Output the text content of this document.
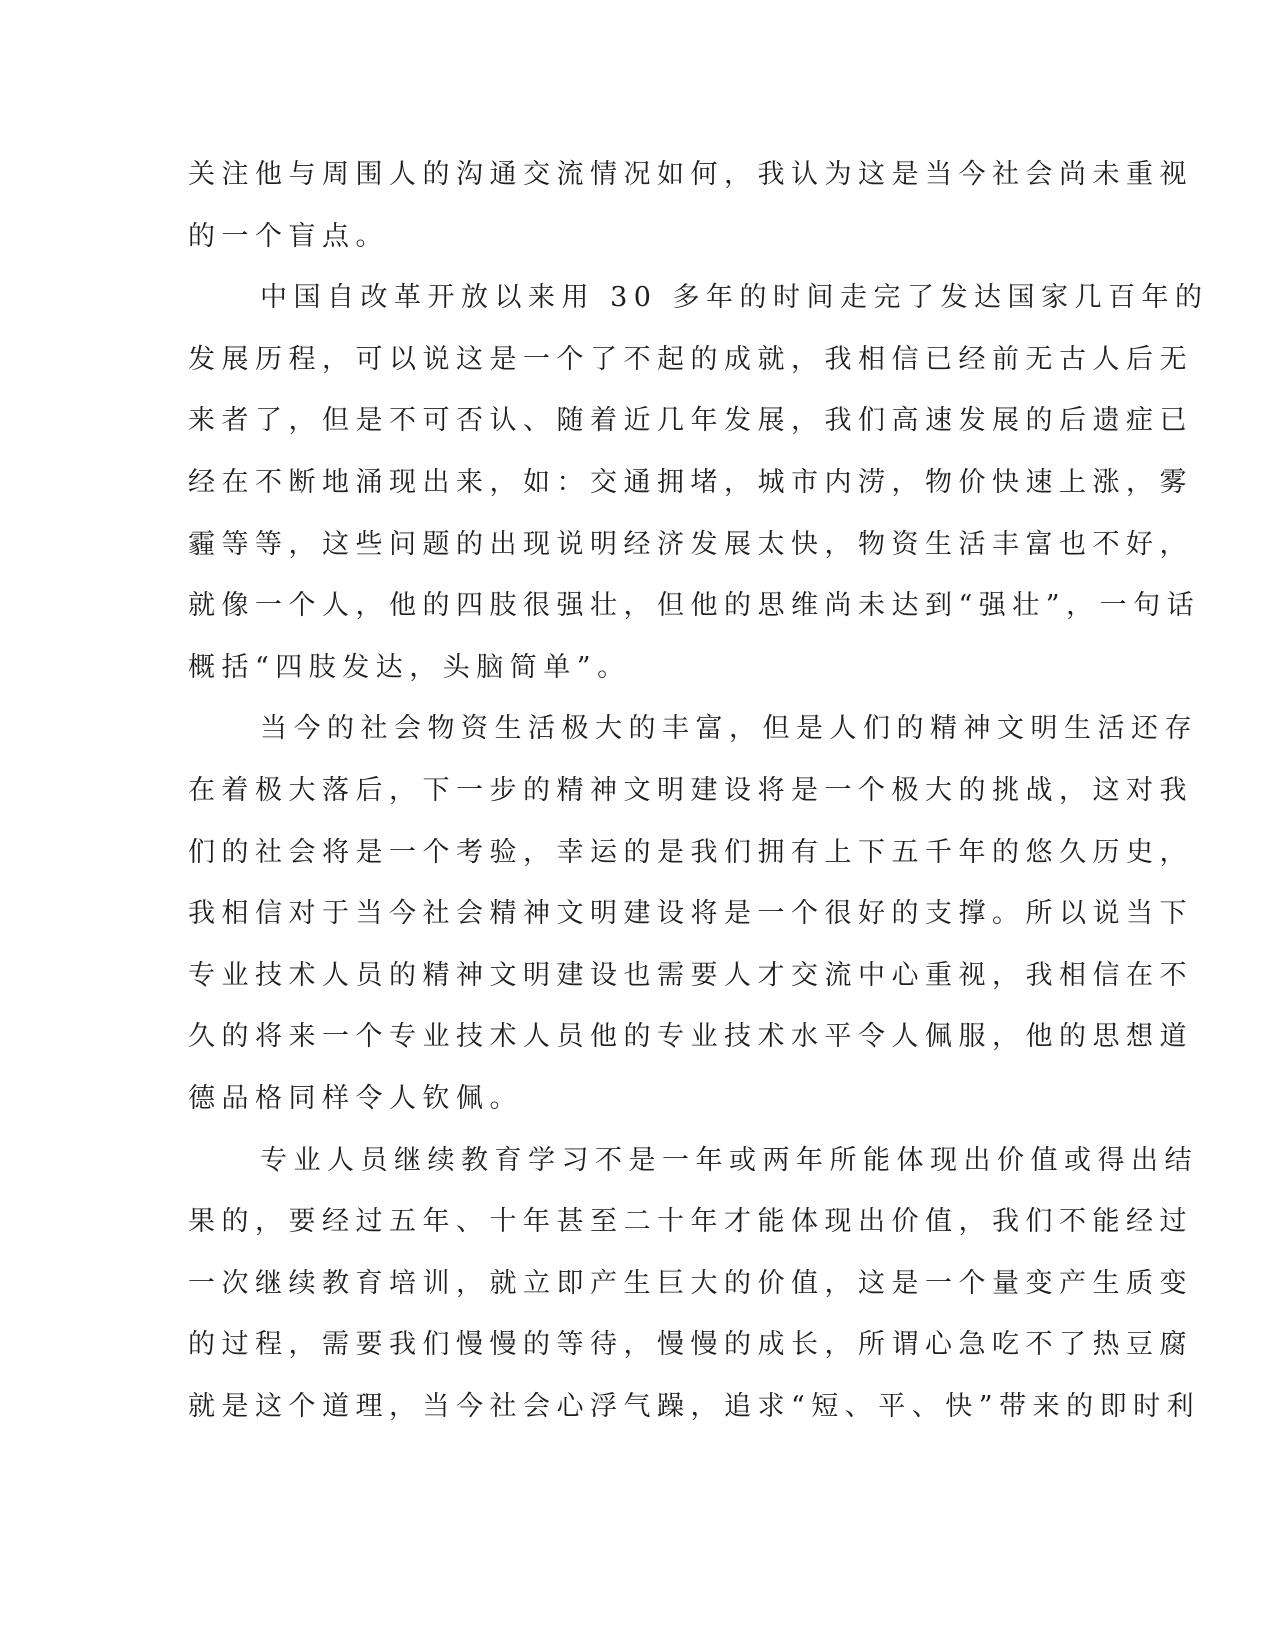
关注他与周围人的沟通交流情况如何，我认为这是当今社会尚未重视
的一个盲点。
中国自改革开放以来用 30 多年的时间走完了发达国家几百年的
发展历程，可以说这是一个了不起的成就，我相信已经前无古人后无
来者了，但是不可否认、随着近几年发展，我们高速发展的后遗症已
经在不断地涌现出来，如：交通拥堵，城市内涝，物价快速上涨，雾
霾等等，这些问题的出现说明经济发展太快，物资生活丰富也不好，
就像一个人，他的四肢很强壮，但他的思维尚未达到“强壮”，一句话
概括“四肢发达，头脑简单”。
当今的社会物资生活极大的丰富，但是人们的精神文明生活还存
在着极大落后，下一步的精神文明建设将是一个极大的挑战，这对我
们的社会将是一个考验，幸运的是我们拥有上下五千年的悠久历史，
我相信对于当今社会精神文明建设将是一个很好的支撑。所以说当下
专业技术人员的精神文明建设也需要人才交流中心重视，我相信在不
久的将来一个专业技术人员他的专业技术水平令人佩服，他的思想道
德品格同样令人钦佩。
专业人员继续教育学习不是一年或两年所能体现出价值或得出结
果的，要经过五年、十年甚至二十年才能体现出价值，我们不能经过
一次继续教育培训，就立即产生巨大的价值，这是一个量变产生质变
的过程，需要我们慢慢的等待，慢慢的成长，所谓心急吃不了热豆腐
就是这个道理，当今社会心浮气躁，追求“短、平、快”带来的即时利
